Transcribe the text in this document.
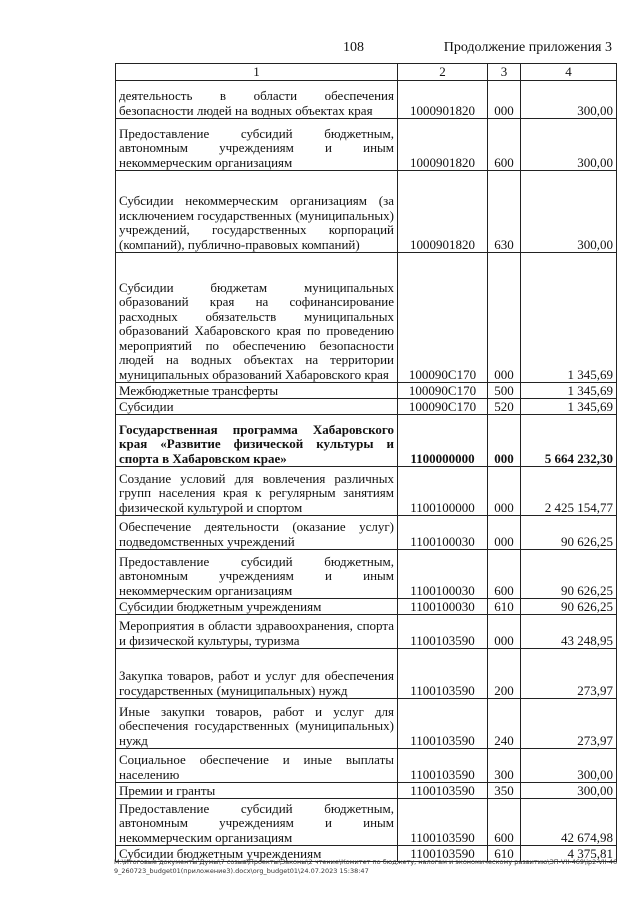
108	Продолжение приложения 3
1	2	3	4
деятельность в области обеспечения безопасности людей на водных объектах края	1000901820	000	300,00
Предоставление субсидий бюджетным, автономным учреждениям и иным некоммерческим организациям	1000901820	600	300,00
Субсидии некоммерческим организациям (за исключением государственных (муниципальных) учреждений, государственных корпораций (компаний), публично-правовых компаний)	1000901820	630	300,00
Субсидии бюджетам муниципальных образований края на софинансирование расходных обязательств муниципальных образований Хабаровского края по проведению мероприятий по обеспечению безопасности людей на водных объектах на территории муниципальных образований Хабаровского края	100090С170	000	1 345,69
Межбюджетные трансферты	100090С170	500	1 345,69
Субсидии	100090С170	520	1 345,69
Государственная программа Хабаровского края «Развитие физической культуры и спорта в Хабаровском крае»	1100000000	000	5 664 232,30
Создание условий для вовлечения различных групп населения края к регулярным занятиям физической культурой и спортом	1100100000	000	2 425 154,77
Обеспечение деятельности (оказание услуг) подведомственных учреждений	1100100030	000	90 626,25
Предоставление субсидий бюджетным, автономным учреждениям и иным некоммерческим организациям	1100100030	600	90 626,25
Субсидии бюджетным учреждениям	1100100030	610	90 626,25
Мероприятия в области здравоохранения, спорта и физической культуры, туризма	1100103590	000	43 248,95
Закупка товаров, работ и услуг для обеспечения государственных (муниципальных) нужд	1100103590	200	273,97
Иные закупки товаров, работ и услуг для обеспечения государственных (муниципальных) нужд	1100103590	240	273,97
Социальное обеспечение и иные выплаты населению	1100103590	300	300,00
Премии и гранты	1100103590	350	300,00
Предоставление субсидий бюджетным, автономным учреждениям и иным некоммерческим организациям	1100103590	600	42 674,98
Субсидии бюджетным учреждениям	1100103590	610	4 375,81
M:\Итоговые документы Думы\7 созыв\Проекты\Законы\2 чтение\Комитет по бюджету, налогам и экономическому развитию\ЗП-VII-469\ip2-VII-469_260723_budget01(приложение3).docx\org_budget01\24.07.2023 15:38:47
